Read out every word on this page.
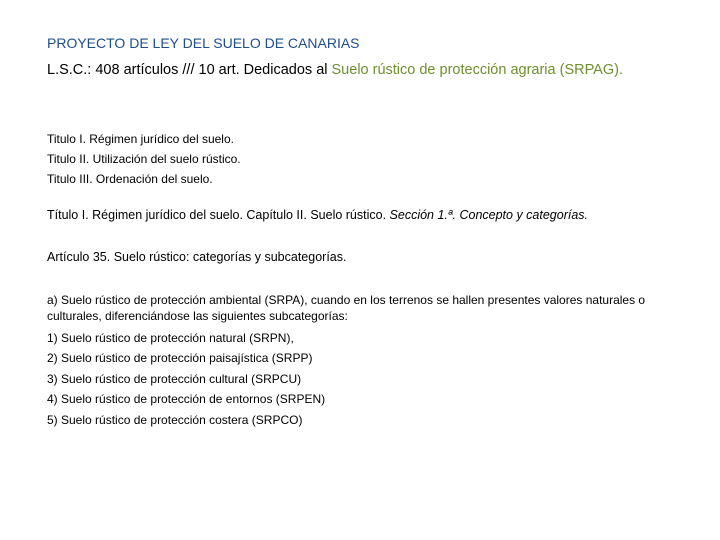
PROYECTO DE LEY DEL SUELO DE CANARIAS
L.S.C.: 408 artículos /// 10 art. Dedicados al Suelo rústico de protección agraria (SRPAG).
Titulo I. Régimen jurídico del suelo.
Titulo II. Utilización del suelo rústico.
Titulo III. Ordenación del suelo.
Título I. Régimen jurídico del suelo. Capítulo II. Suelo rústico. Sección 1.ª. Concepto y categorías.
Artículo 35. Suelo rústico: categorías y subcategorías.
a) Suelo rústico de protección ambiental (SRPA), cuando en los terrenos se hallen presentes valores naturales o culturales, diferenciándose las siguientes subcategorías:
1) Suelo rústico de protección natural (SRPN),
2) Suelo rústico de protección paisajística (SRPP)
3) Suelo rústico de protección cultural (SRPCU)
4) Suelo rústico de protección de entornos (SRPEN)
5) Suelo rústico de protección costera (SRPCO)
